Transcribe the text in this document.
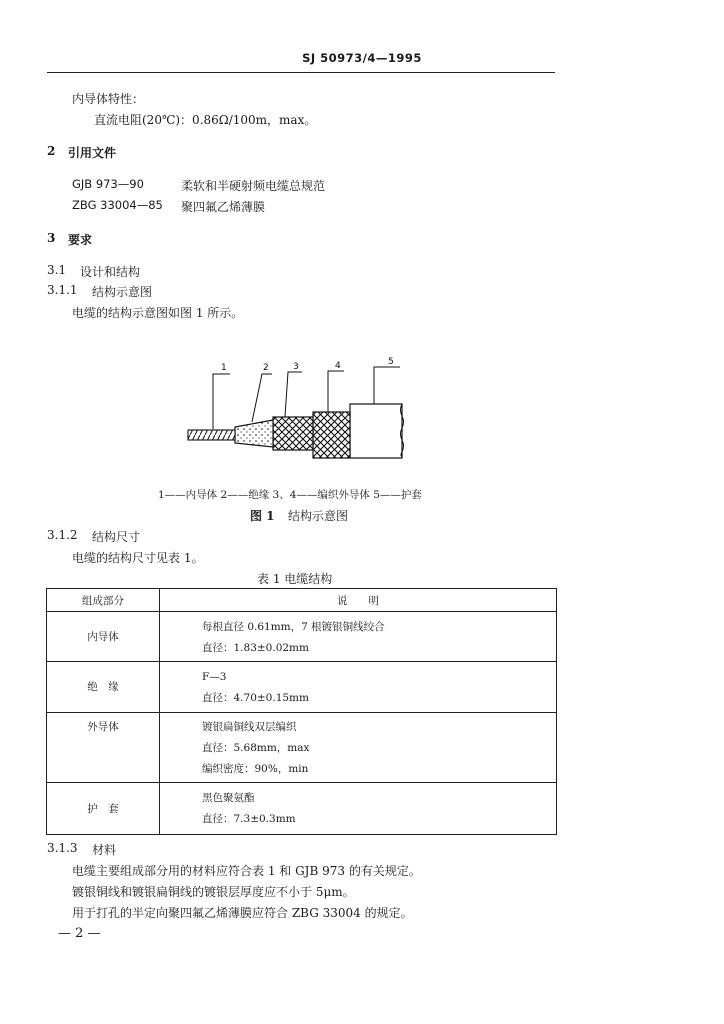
SJ 50973/4—1995
内导体特性：
直流电阻(20℃)：0.86Ω/100m，max。
2 引用文件
GJB 973—90	柔软和半硬射频电缆总规范
ZBG 33004—85 聚四氟乙烯薄膜
3 要求
3.1 设计和结构
3.1.1 结构示意图
电缆的结构示意图如图 1 所示。
1	2	3	4	5
1——内导体 2——绝缘 3、4——编织外导体 5——护套
图 1 结构示意图
3.1.2 结构尺寸
电缆的结构尺寸见表 1。
表 1 电缆结构
组成部分	说　　明
内导体	每根直径 0.61mm，7 根镀银铜线绞合
直径：1.83±0.02mm

绝　缘	F—3
直径：4.70±0.15mm

外导体	镀银扁铜线双层编织
直径：5.68mm，max
编织密度：90%，min

护　套	黑色聚氨酯
直径：7.3±0.3mm
3.1.3 材料
电缆主要组成部分用的材料应符合表 1 和 GJB 973 的有关规定。
镀银铜线和镀银扁铜线的镀银层厚度应不小于 5μm。
用于打孔的半定向聚四氟乙烯薄膜应符合 ZBG 33004 的规定。
— 2 —
